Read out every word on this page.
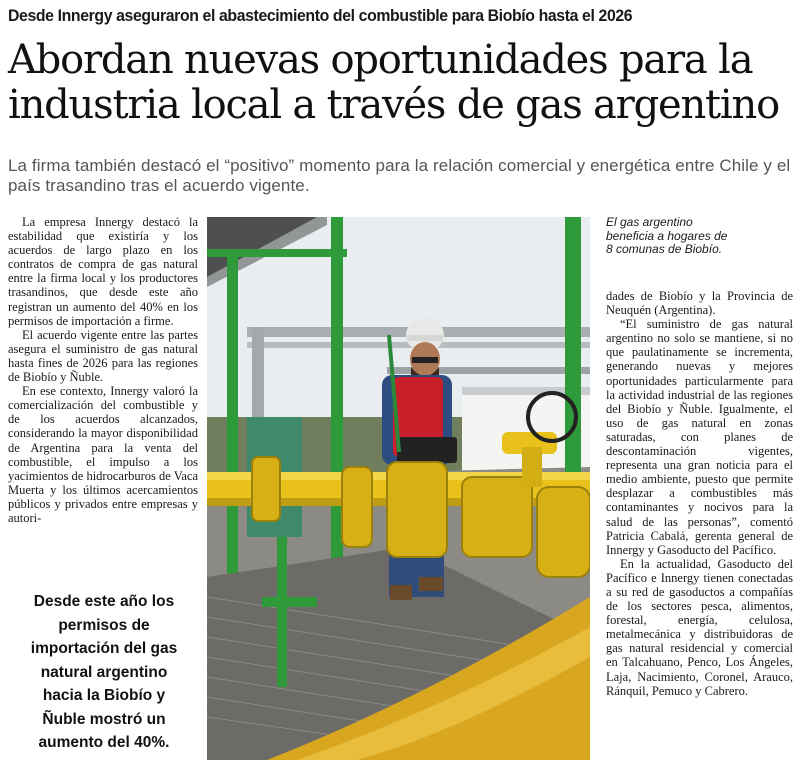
Desde Innergy aseguraron el abastecimiento del combustible para Biobío hasta el 2026
Abordan nuevas oportunidades para la industria local a través de gas argentino
La firma también destacó el “positivo” momento para la relación comercial y energética entre Chile y el país trasandino tras el acuerdo vigente.

La empresa Innergy destacó la estabilidad que existiría y los acuerdos de largo plazo en los contratos de compra de gas natural entre la firma local y los productores trasandinos, que desde este año registran un aumento del 40% en los permisos de importación a firme.

El acuerdo vigente entre las partes asegura el suministro de gas natural hasta fines de 2026 para las regiones de Biobío y Ñuble.

En ese contexto, Innergy valoró la comercialización del combustible y de los acuerdos alcanzados, considerando la mayor disponibilidad de Argentina para la venta del combustible, el impulso a los yacimientos de hidrocarburos de Vaca Muerta y los últimos acercamientos públicos y privados entre empresas y autori-

Desde este año los permisos de importación del gas natural argentino hacia la Biobío y Ñuble mostró un aumento del 40%.
El gas argentino beneficia a hogares de 8 comunas de Biobío.

dades de Biobío y la Provincia de Neuquén (Argentina).

“El suministro de gas natural argentino no solo se mantiene, si no que paulatinamente se incrementa, generando nuevas y mejores oportunidades particularmente para la actividad industrial de las regiones del Biobío y Ñuble. Igualmente, el uso de gas natural en zonas saturadas, con planes de descontaminación vigentes, representa una gran noticia para el medio ambiente, puesto que permite desplazar a combustibles más contaminantes y nocivos para la salud de las personas”, comentó Patricia Cabalá, gerenta general de Innergy y Gasoducto del Pacífico.

En la actualidad, Gasoducto del Pacífico e Innergy tienen conectadas a su red de gasoductos a compañías de los sectores pesca, alimentos, forestal, energía, celulosa, metalmecánica y distribuidoras de gas natural residencial y comercial en Talcahuano, Penco, Los Ángeles, Laja, Nacimiento, Coronel, Arauco, Ránquil, Pemuco y Cabrero.
